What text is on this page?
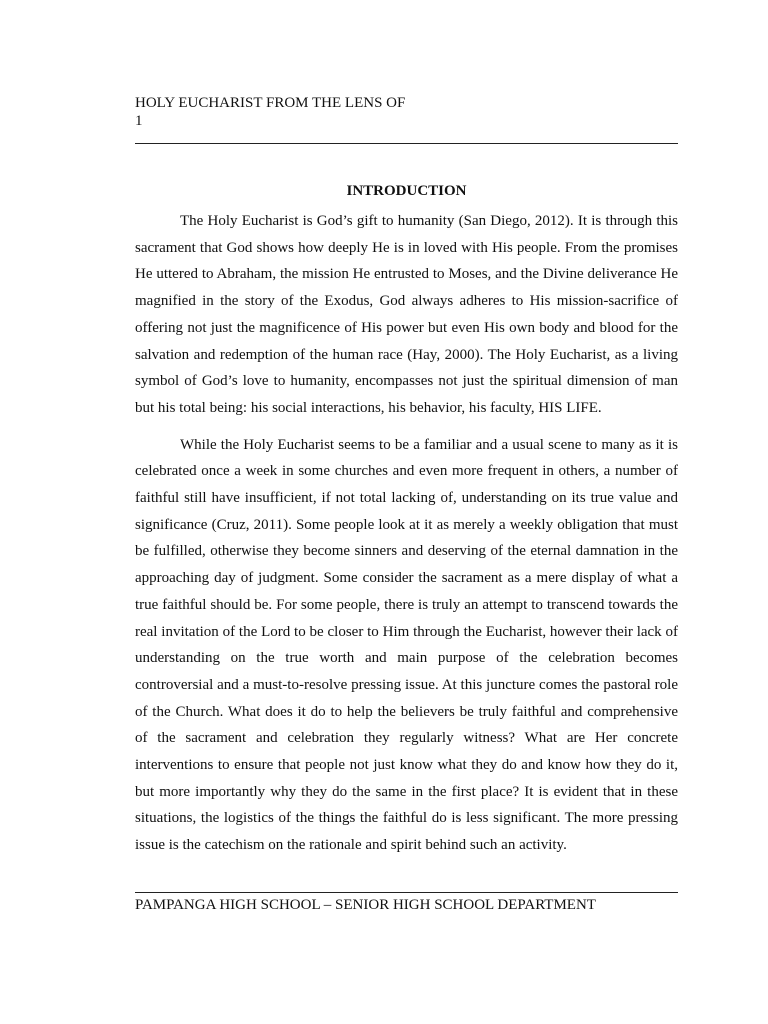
HOLY EUCHARIST FROM THE LENS OF
1
INTRODUCTION

The Holy Eucharist is God’s gift to humanity (San Diego, 2012). It is through this sacrament that God shows how deeply He is in loved with His people. From the promises He uttered to Abraham, the mission He entrusted to Moses, and the Divine deliverance He magnified in the story of the Exodus, God always adheres to His mission-sacrifice of offering not just the magnificence of His power but even His own body and blood for the salvation and redemption of the human race (Hay, 2000). The Holy Eucharist, as a living symbol of God’s love to humanity, encompasses not just the spiritual dimension of man but his total being: his social interactions, his behavior, his faculty, HIS LIFE.

While the Holy Eucharist seems to be a familiar and a usual scene to many as it is celebrated once a week in some churches and even more frequent in others, a number of faithful still have insufficient, if not total lacking of, understanding on its true value and significance (Cruz, 2011). Some people look at it as merely a weekly obligation that must be fulfilled, otherwise they become sinners and deserving of the eternal damnation in the approaching day of judgment. Some consider the sacrament as a mere display of what a true faithful should be. For some people, there is truly an attempt to transcend towards the real invitation of the Lord to be closer to Him through the Eucharist, however their lack of understanding on the true worth and main purpose of the celebration becomes controversial and a must-to-resolve pressing issue. At this juncture comes the pastoral role of the Church. What does it do to help the believers be truly faithful and comprehensive of the sacrament and celebration they regularly witness? What are Her concrete interventions to ensure that people not just know what they do and know how they do it, but more importantly why they do the same in the first place? It is evident that in these situations, the logistics of the things the faithful do is less significant. The more pressing issue is the catechism on the rationale and spirit behind such an activity.

PAMPANGA HIGH SCHOOL – SENIOR HIGH SCHOOL DEPARTMENT
